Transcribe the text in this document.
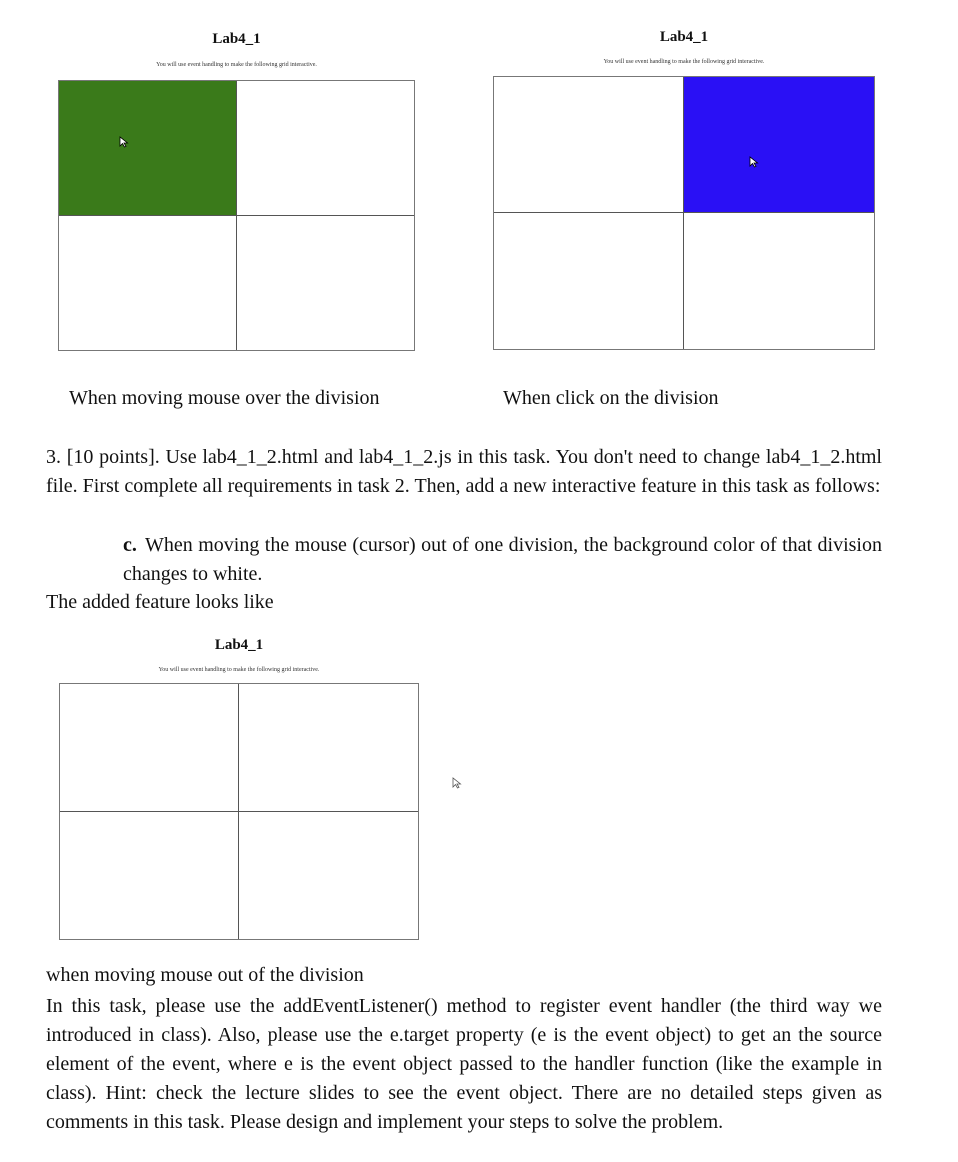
Lab4_1
You will use event handling to make the following grid interactive.
When moving mouse over the division
Lab4_1
You will use event handling to make the following grid interactive.
When click on the division
3. [10 points]. Use lab4_1_2.html and lab4_1_2.js in this task. You don't need to change lab4_1_2.html file. First complete all requirements in task 2. Then, add a new interactive feature in this task as follows:
c. When moving the mouse (cursor) out of one division, the background color of that division changes to white.
The added feature looks like
Lab4_1
You will use event handling to make the following grid interactive.
when moving mouse out of the division
In this task, please use the addEventListener() method to register event handler (the third way we introduced in class). Also, please use the e.target property (e is the event object) to get an the source element of the event, where e is the event object passed to the handler function (like the example in class). Hint: check the lecture slides to see the event object. There are no detailed steps given as comments in this task. Please design and implement your steps to solve the problem.
